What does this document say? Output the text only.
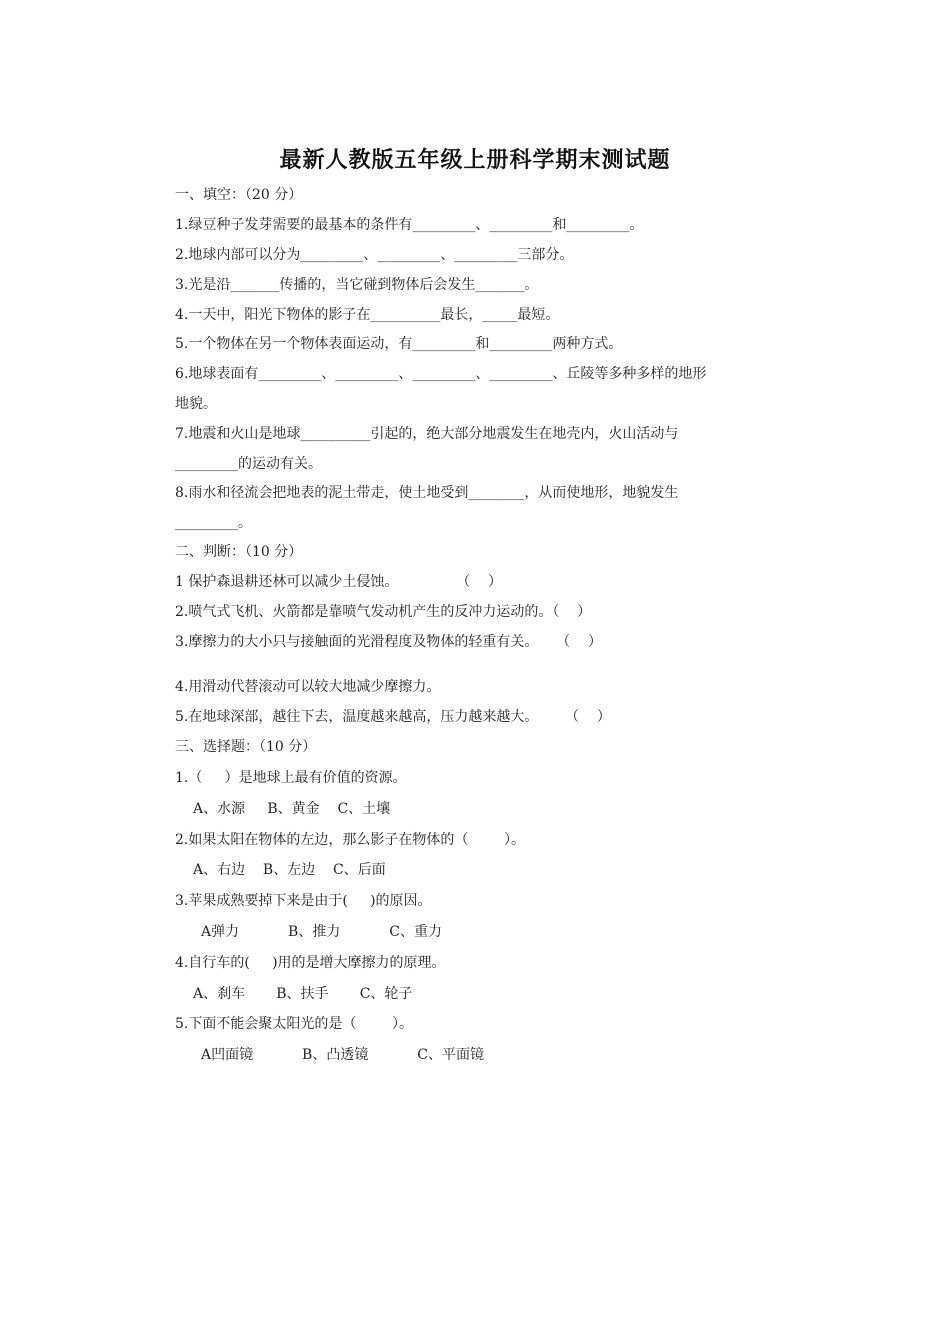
最新人教版五年级上册科学期末测试题
一、填空：（20 分）
1.绿豆种子发芽需要的最基本的条件有_________、_________和_________。
2.地球内部可以分为_________、_________、_________三部分。
3.光是沿_______传播的，当它碰到物体后会发生_______。
4.一天中，阳光下物体的影子在__________最长，_____最短。
5.一个物体在另一个物体表面运动，有_________和_________两种方式。
6.地球表面有_________、_________、_________、_________、丘陵等多种多样的地形
地貌。
7.地震和火山是地球__________引起的，绝大部分地震发生在地壳内，火山活动与
_________的运动有关。
8.雨水和径流会把地表的泥土带走，使土地受到________，从而使地形，地貌发生
_________。
二、判断：（10 分）
1 保护森退耕还林可以减少土侵蚀。             （    ）
2.喷气式飞机、火箭都是靠喷气发动机产生的反冲力运动的。（    ）
3.摩擦力的大小只与接触面的光滑程度及物体的轻重有关。    （    ）
4.用滑动代替滚动可以较大地减少摩擦力。
5.在地球深部，越往下去，温度越来越高，压力越来越大。      （    ）
三、选择题：（10 分）
1.（     ）是地球上最有价值的资源。
A、水源     B、黄金    C、土壤
2.如果太阳在物体的左边，那么影子在物体的（        ）。
A、右边    B、左边    C、后面
3.苹果成熟要掉下来是由于(     )的原因。
A弹力           B、推力           C、重力
4.自行车的(     )用的是增大摩擦力的原理。
A、刹车       B、扶手       C、轮子
5.下面不能会聚太阳光的是（        ）。
A凹面镜           B、凸透镜           C、平面镜
